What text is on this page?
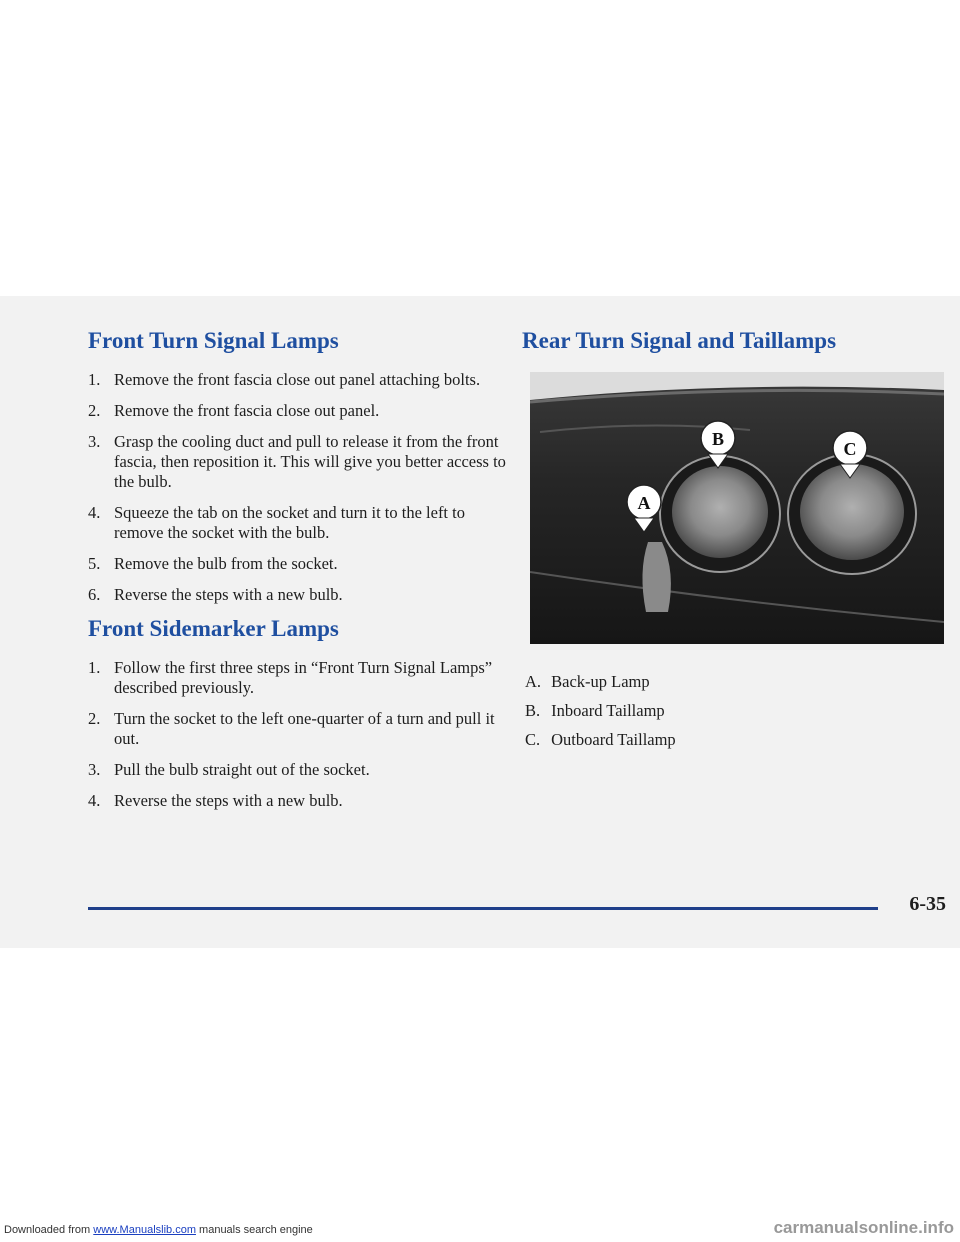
Front Turn Signal Lamps
1. Remove the front fascia close out panel attaching bolts.
2. Remove the front fascia close out panel.
3. Grasp the cooling duct and pull to release it from the front fascia, then reposition it. This will give you better access to the bulb.
4. Squeeze the tab on the socket and turn it to the left to remove the socket with the bulb.
5. Remove the bulb from the socket.
6. Reverse the steps with a new bulb.
Front Sidemarker Lamps
1. Follow the first three steps in “Front Turn Signal Lamps” described previously.
2. Turn the socket to the left one-quarter of a turn and pull it out.
3. Pull the bulb straight out of the socket.
4. Reverse the steps with a new bulb.
Rear Turn Signal and Taillamps
B	C
A
A. Back-up Lamp
B. Inboard Taillamp
C. Outboard Taillamp
6-35
Downloaded from www.Manualslib.com manuals search engine	carmanualsonline.info
